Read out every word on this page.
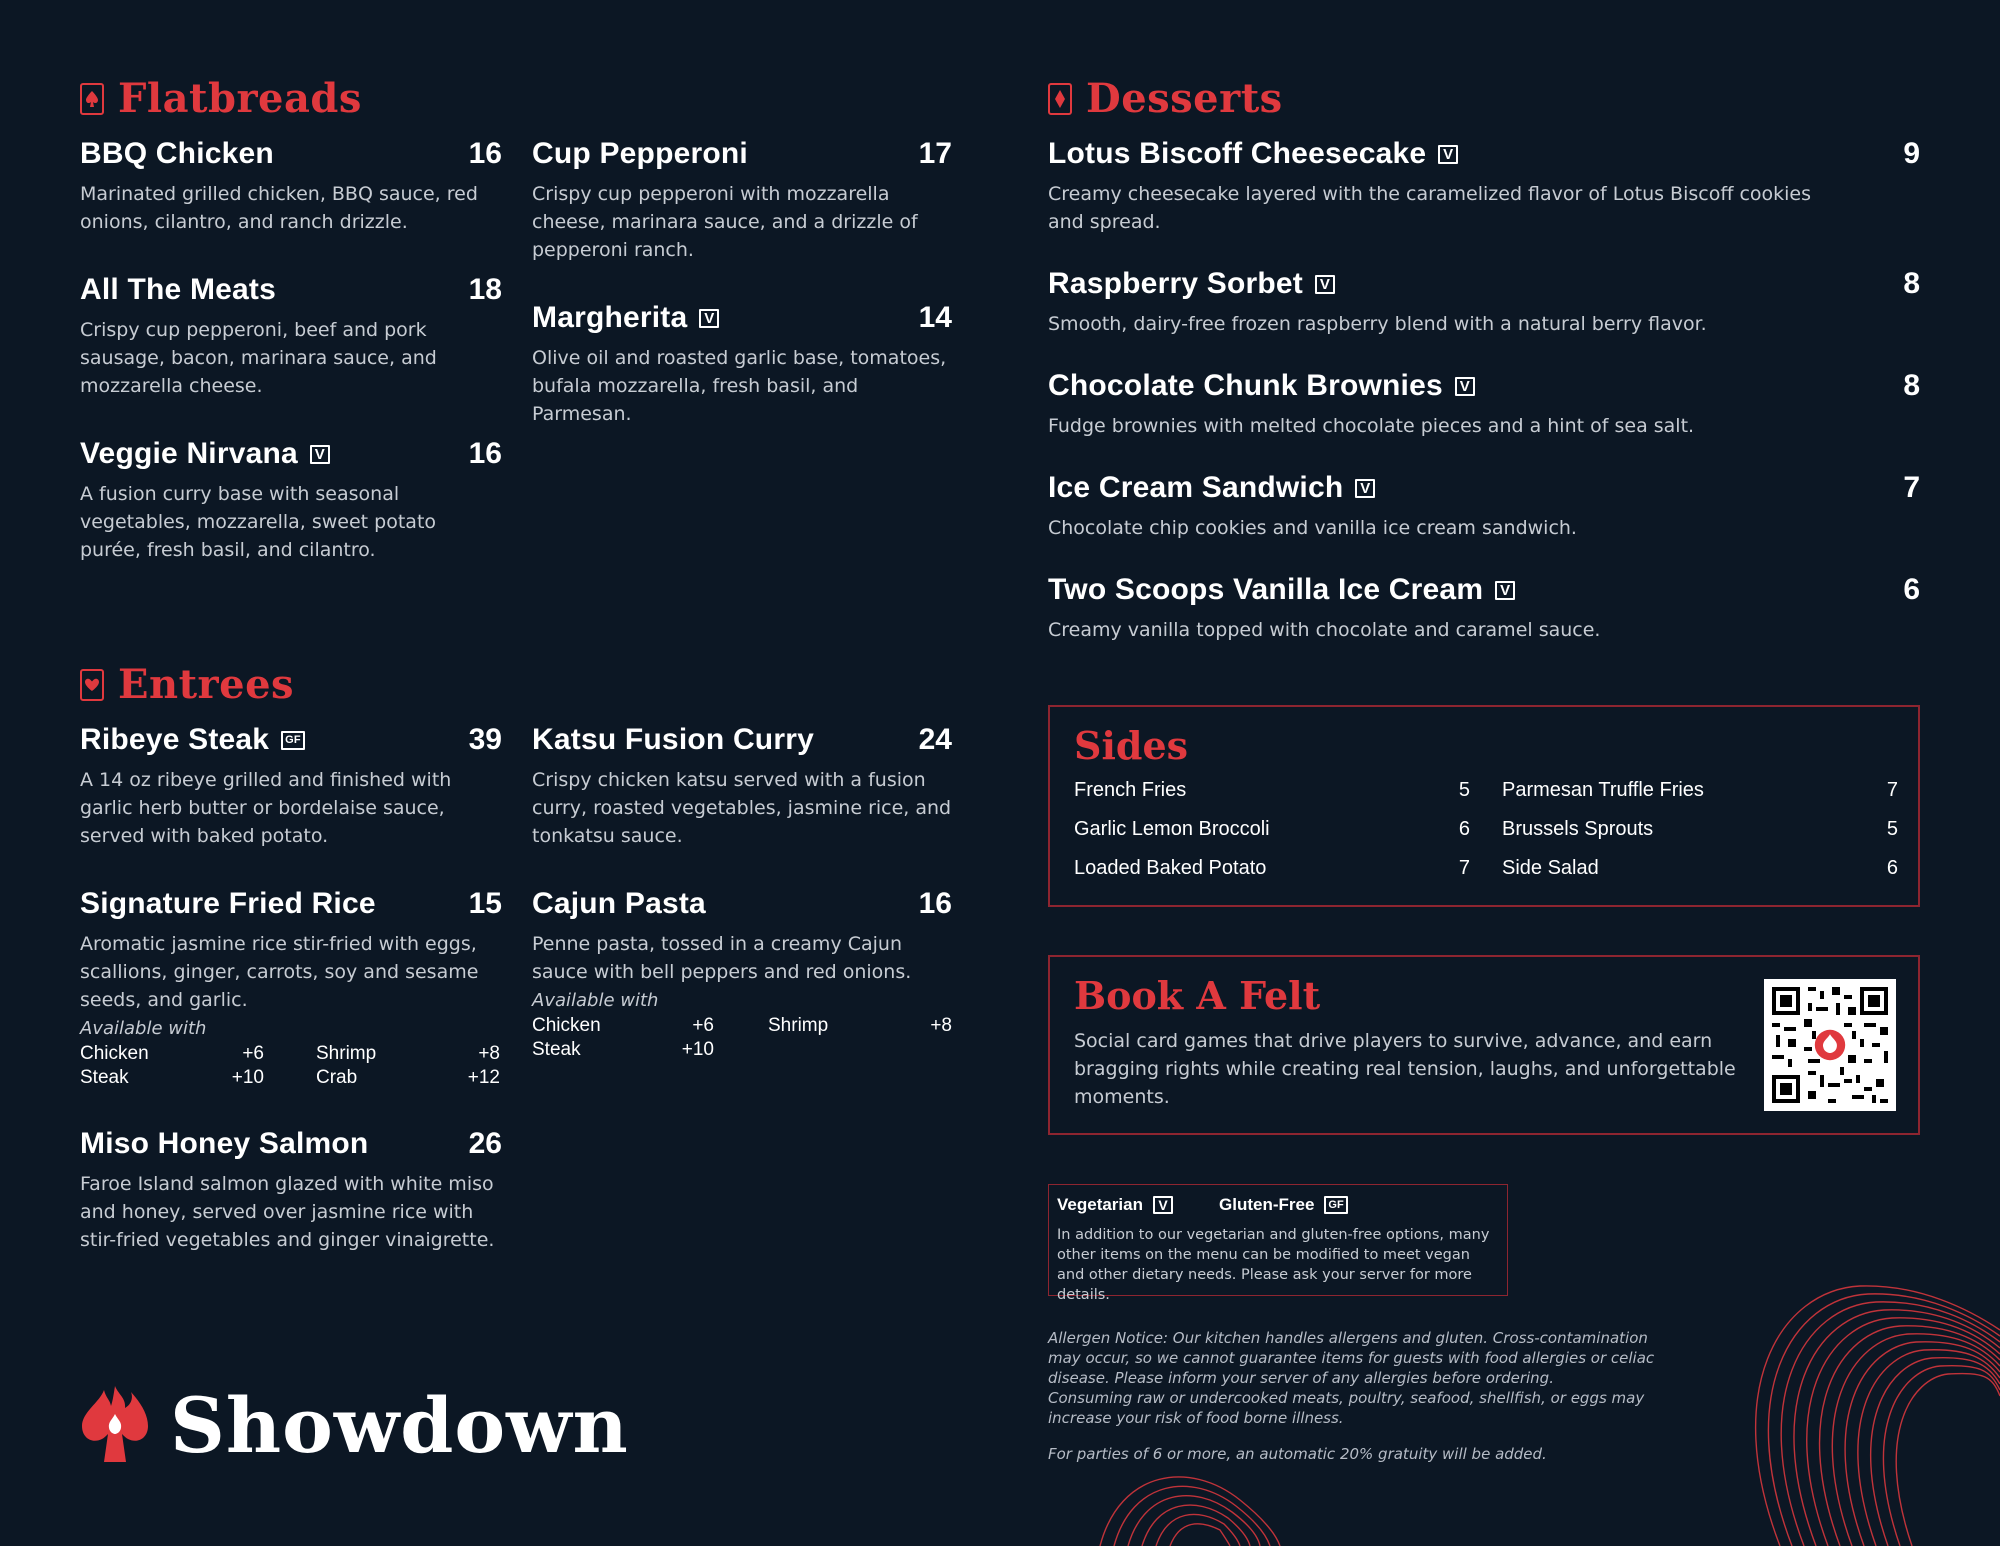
Flatbreads
BBQ Chicken	16
Marinated grilled chicken, BBQ sauce, red onions, cilantro, and ranch drizzle.
All The Meats	18
Crispy cup pepperoni, beef and pork sausage, bacon, marinara sauce, and mozzarella cheese.
Veggie Nirvana	V	16
A fusion curry base with seasonal vegetables, mozzarella, sweet potato purée, fresh basil, and cilantro.
Cup Pepperoni	17
Crispy cup pepperoni with mozzarella cheese, marinara sauce, and a drizzle of pepperoni ranch.
Margherita	V	14
Olive oil and roasted garlic base, tomatoes, bufala mozzarella, fresh basil, and Parmesan.
Entrees
Ribeye Steak	GF	39
A 14 oz ribeye grilled and finished with garlic herb butter or bordelaise sauce, served with baked potato.
Signature Fried Rice	15
Aromatic jasmine rice stir-fried with eggs, scallions, ginger, carrots, soy and sesame seeds, and garlic.
Available with
Chicken	+6	Shrimp	+8
Steak	+10	Crab	+12
Miso Honey Salmon	26
Faroe Island salmon glazed with white miso and honey, served over jasmine rice with stir-fried vegetables and ginger vinaigrette.
Katsu Fusion Curry	24
Crispy chicken katsu served with a fusion curry, roasted vegetables, jasmine rice, and tonkatsu sauce.
Cajun Pasta	16
Penne pasta, tossed in a creamy Cajun sauce with bell peppers and red onions.
Available with
Chicken	+6	Shrimp	+8
Steak	+10
Showdown
Desserts
Lotus Biscoff Cheesecake	V	9
Creamy cheesecake layered with the caramelized flavor of Lotus Biscoff cookies and spread.
Raspberry Sorbet	V	8
Smooth, dairy-free frozen raspberry blend with a natural berry flavor.
Chocolate Chunk Brownies	V	8
Fudge brownies with melted chocolate pieces and a hint of sea salt.
Ice Cream Sandwich	V	7
Chocolate chip cookies and vanilla ice cream sandwich.
Two Scoops Vanilla Ice Cream	V	6
Creamy vanilla topped with chocolate and caramel sauce.
Sides
French Fries	5 Parmesan Truffle Fries	7
Garlic Lemon Broccoli	6 Brussels Sprouts	5
Loaded Baked Potato	7 Side Salad	6
Book A Felt
Social card games that drive players to survive, advance, and earn bragging rights while creating real tension, laughs, and unforgettable moments.
Vegetarian	V	Gluten-Free	GF
In addition to our vegetarian and gluten-free options, many other items on the menu can be modified to meet vegan and other dietary needs. Please ask your server for more details.
Allergen Notice: Our kitchen handles allergens and gluten. Cross-contamination may occur, so we cannot guarantee items for guests with food allergies or celiac disease. Please inform your server of any allergies before ordering.
Consuming raw or undercooked meats, poultry, seafood, shellfish, or eggs may increase your risk of food borne illness.
For parties of 6 or more, an automatic 20% gratuity will be added.
